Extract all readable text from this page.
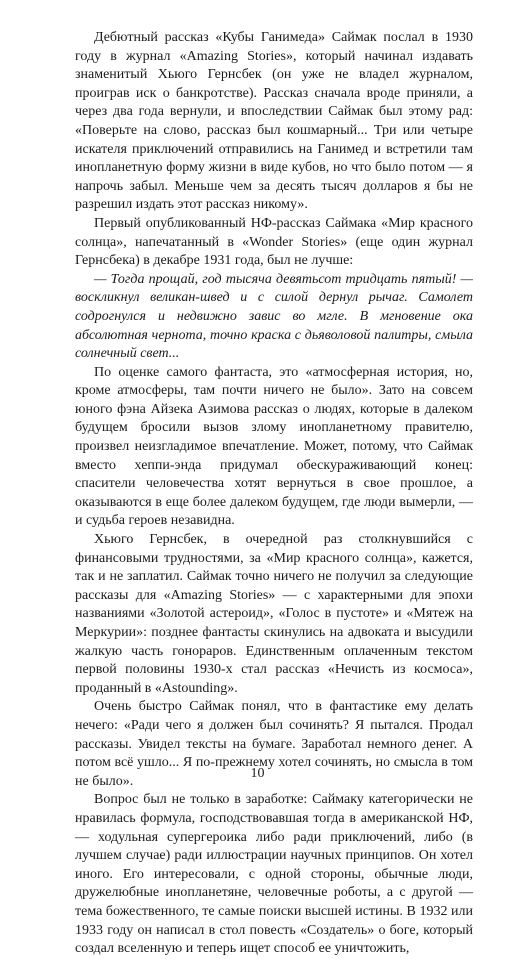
Дебютный рассказ «Кубы Ганимеда» Саймак послал в 1930 году в журнал «Amazing Stories», который начинал издавать знаменитый Хьюго Гернсбек (он уже не владел журналом, проиграв иск о банкротстве). Рассказ сначала вроде приняли, а через два года вернули, и впоследствии Саймак был этому рад: «Поверьте на слово, рассказ был кошмарный... Три или четыре искателя приключений отправились на Ганимед и встретили там инопланетную форму жизни в виде кубов, но что было потом — я напрочь забыл. Меньше чем за десять тысяч долларов я бы не разрешил издать этот рассказ никому».

Первый опубликованный НФ-рассказ Саймака «Мир красного солнца», напечатанный в «Wonder Stories» (еще один журнал Гернсбека) в декабре 1931 года, был не лучше:

— Тогда прощай, год тысяча девятьсот тридцать пятый! — воскликнул великан-швед и с силой дернул рычаг. Самолет содрогнулся и недвижно завис во мгле. В мгновение ока абсолютная чернота, точно краска с дьяволовой палитры, смыла солнечный свет...

По оценке самого фантаста, это «атмосферная история, но, кроме атмосферы, там почти ничего не было». Зато на совсем юного фэна Айзека Азимова рассказ о людях, которые в далеком будущем бросили вызов злому инопланетному правителю, произвел неизгладимое впечатление. Может, потому, что Саймак вместо хеппи-энда придумал обескураживающий конец: спасители человечества хотят вернуться в свое прошлое, а оказываются в еще более далеком будущем, где люди вымерли, — и судьба героев незавидна.

Хьюго Гернсбек, в очередной раз столкнувшийся с финансовыми трудностями, за «Мир красного солнца», кажется, так и не заплатил. Саймак точно ничего не получил за следующие рассказы для «Amazing Stories» — с характерными для эпохи названиями «Золотой астероид», «Голос в пустоте» и «Мятеж на Меркурии»: позднее фантасты скинулись на адвоката и высудили жалкую часть гонораров. Единственным оплаченным текстом первой половины 1930-х стал рассказ «Нечисть из космоса», проданный в «Astounding».

Очень быстро Саймак понял, что в фантастике ему делать нечего: «Ради чего я должен был сочинять? Я пытался. Продал рассказы. Увидел тексты на бумаге. Заработал немного денег. А потом всё ушло... Я по-прежнему хотел сочинять, но смысла в том не было».

Вопрос был не только в заработке: Саймаку категорически не нравилась формула, господствовавшая тогда в американской НФ, — ходульная супергероика либо ради приключений, либо (в лучшем случае) ради иллюстрации научных принципов. Он хотел иного. Его интересовали, с одной стороны, обычные люди, дружелюбные инопланетяне, человечные роботы, а с другой — тема божественного, те самые поиски высшей истины. В 1932 или 1933 году он написал в стол повесть «Создатель» о боге, который создал вселенную и теперь ищет способ ее уничтожить,

10
